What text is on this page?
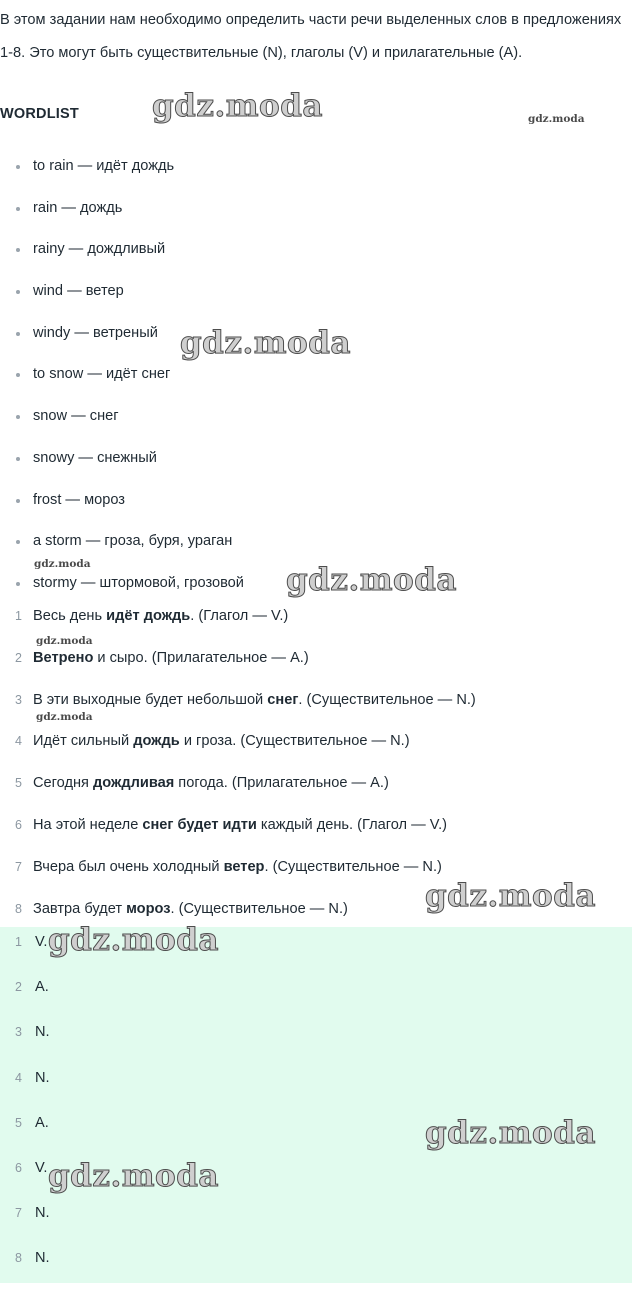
В этом задании нам необходимо определить части речи выделенных слов в предложениях 1-8. Это могут быть существительные (N), глаголы (V) и прилагательные (A).
WORDLIST
to rain — идёт дождь
rain — дождь
rainy — дождливый
wind — ветер
windy — ветреный
to snow — идёт снег
snow — снег
snowy — снежный
frost — мороз
a storm — гроза, буря, ураган
stormy — штормовой, грозовой
1 Весь день идёт дождь. (Глагол — V.)
2 Ветрено и сыро. (Прилагательное — A.)
3 В эти выходные будет небольшой снег. (Существительное — N.)
4 Идёт сильный дождь и гроза. (Существительное — N.)
5 Сегодня дождливая погода. (Прилагательное — A.)
6 На этой неделе снег будет идти каждый день. (Глагол — V.)
7 Вчера был очень холодный ветер. (Существительное — N.)
8 Завтра будет мороз. (Существительное — N.)
1 V.
2 A.
3 N.
4 N.
5 A.
6 V.
7 N.
8 N.
gdz.moda	gdz.moda
gdz.moda
gdz.moda	gdz.moda
gdz.moda
gdz.moda
gdz.moda
gdz.moda
gdz.moda
gdz.moda
